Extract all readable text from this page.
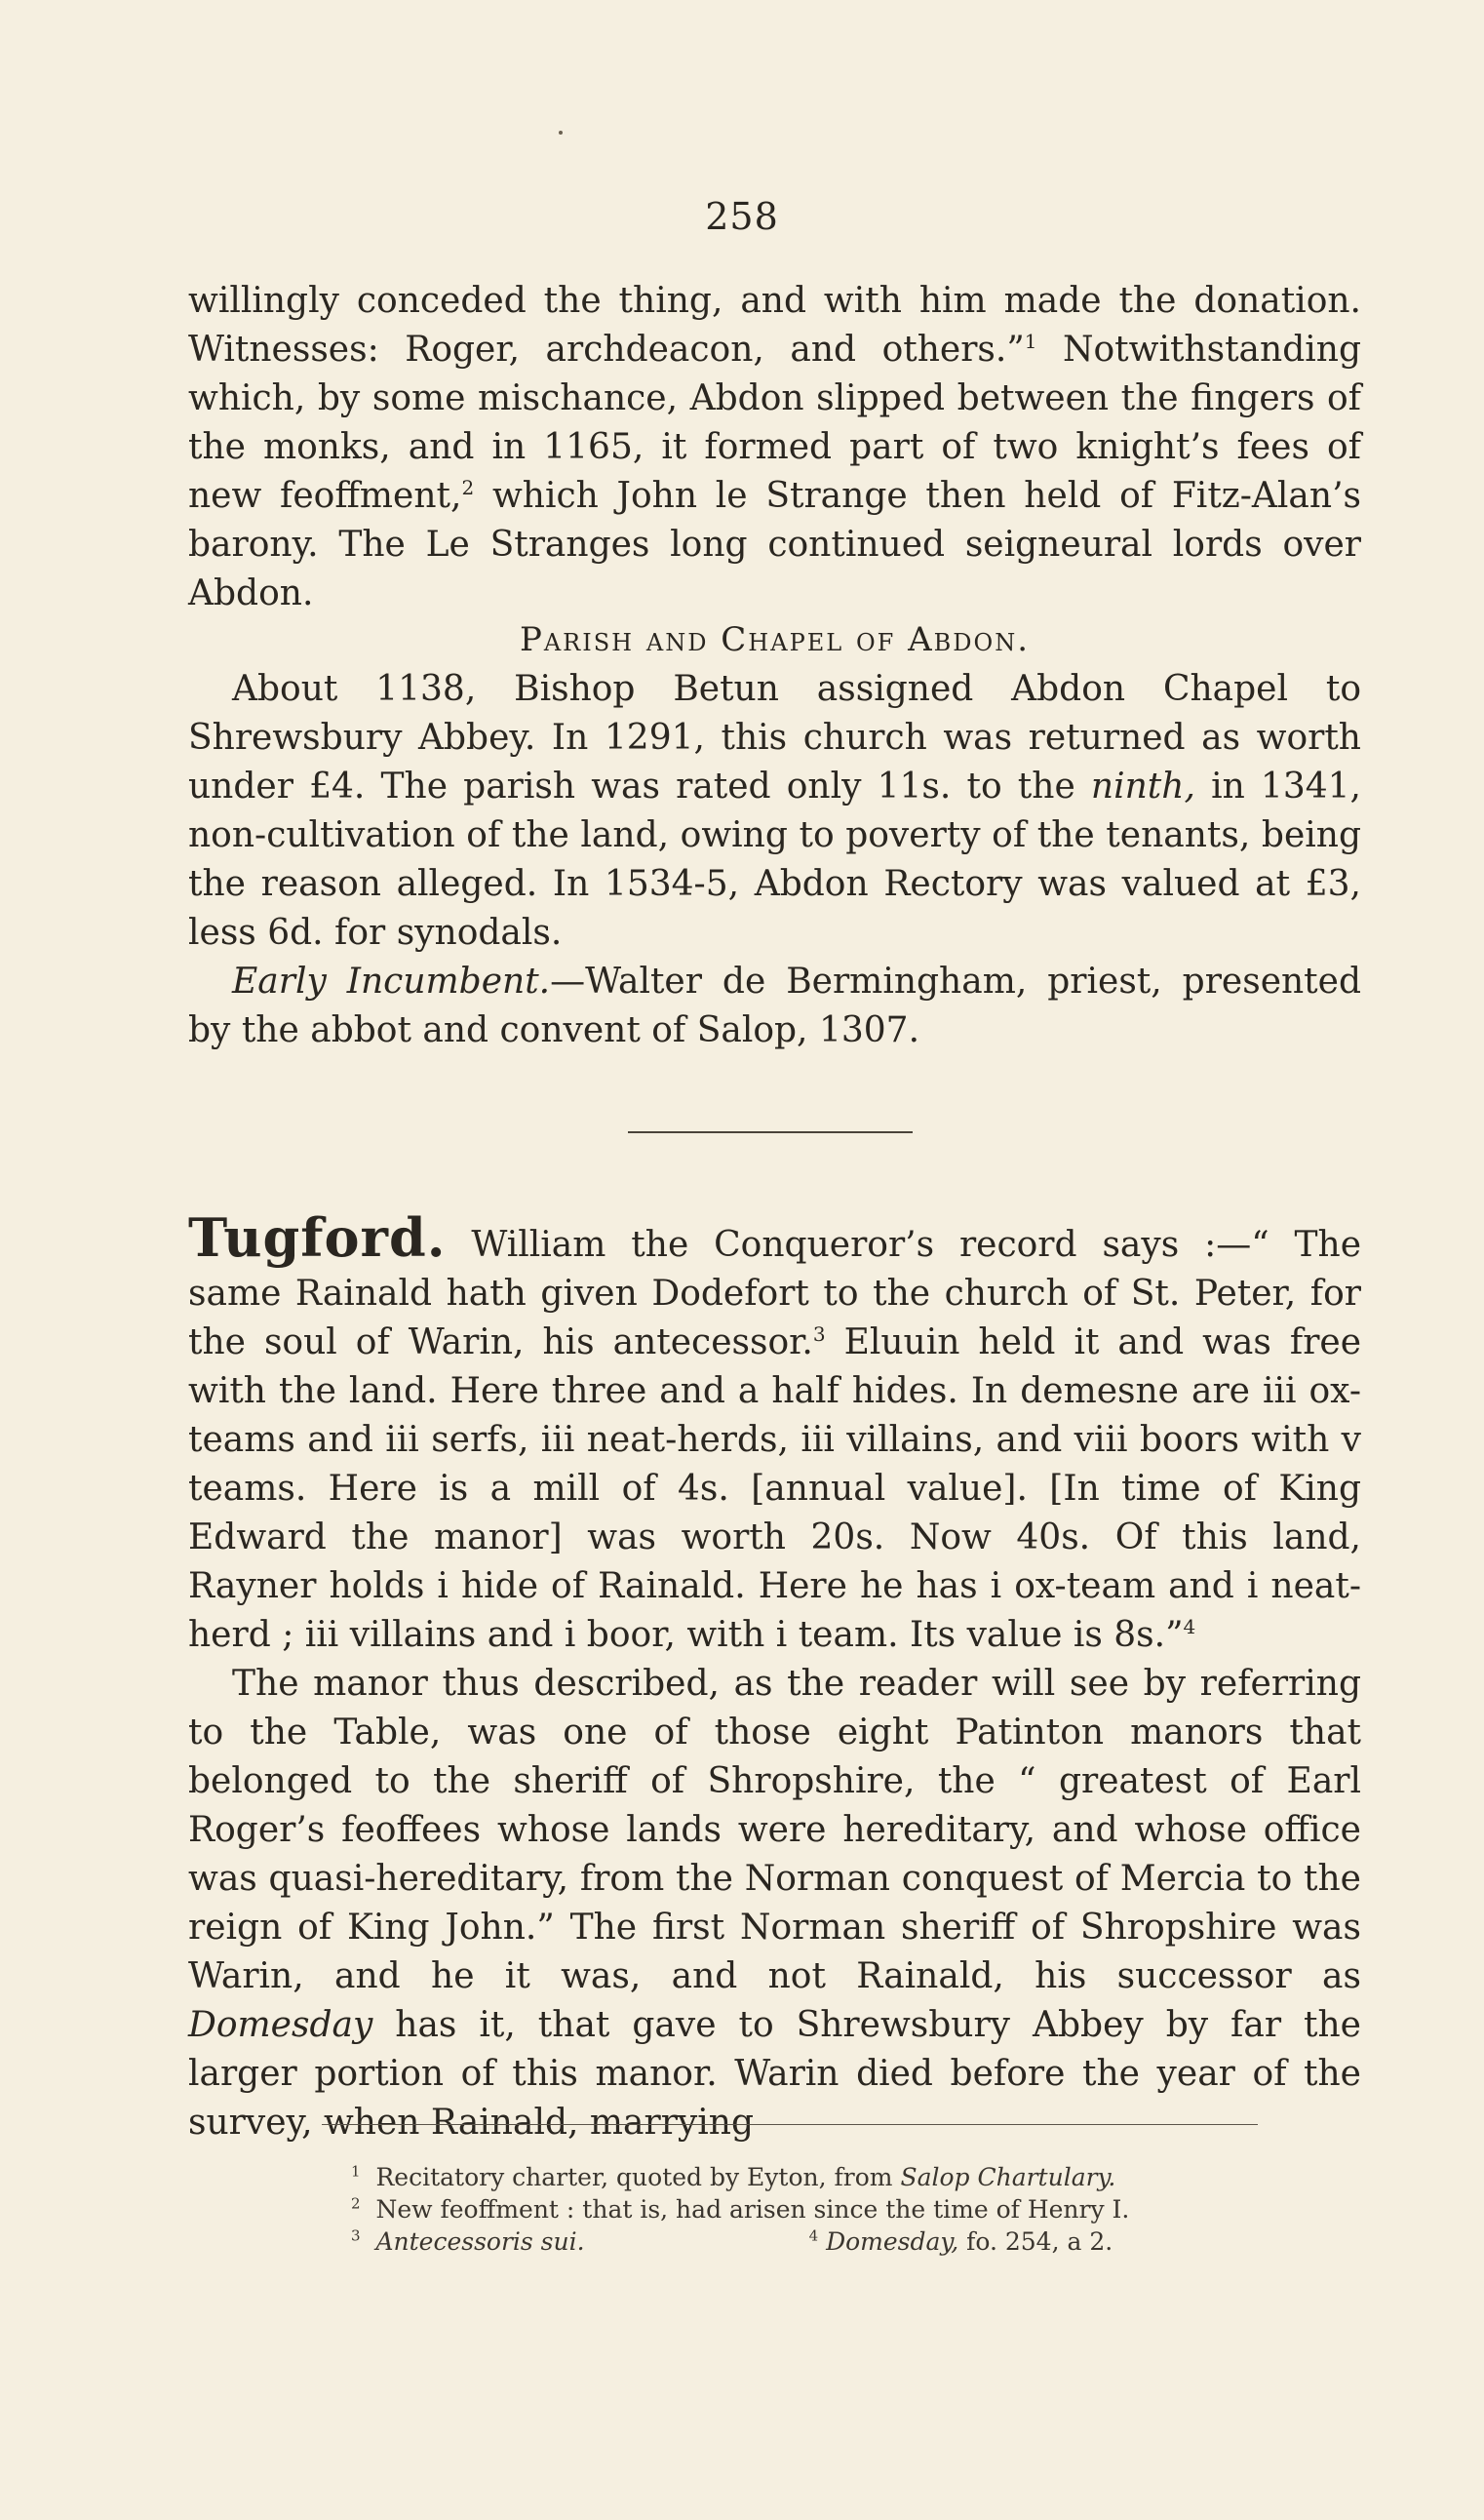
258

willingly conceded the thing, and with him made the donation. Witnesses: Roger, archdeacon, and others.”$^1$ Notwithstanding which, by some mischance, Abdon slipped between the fingers of the monks, and in 1165, it formed part of two knight’s fees of new feoffment,$^2$ which John le Strange then held of Fitz-Alan’s barony. The Le Stranges long continued seigneural lords over Abdon.

Parish and Chapel of Abdon.

About 1138, Bishop Betun assigned Abdon Chapel to Shrewsbury Abbey. In 1291, this church was returned as worth under £4. The parish was rated only 11s. to the ninth, in 1341, non-cultivation of the land, owing to poverty of the tenants, being the reason alleged. In 1534-5, Abdon Rectory was valued at £3, less 6d. for synodals.

Early Incumbent.—Walter de Bermingham, priest, presented by the abbot and convent of Salop, 1307.

Tugford. William the Conqueror’s record says :—“ The same Rainald hath given Dodefort to the church of St. Peter, for the soul of Warin, his antecessor.$^3$ Eluuin held it and was free with the land. Here three and a half hides. In demesne are iii ox-teams and iii serfs, iii neat-herds, iii villains, and viii boors with v teams. Here is a mill of 4s. [annual value]. [In time of King Edward the manor] was worth 20s. Now 40s. Of this land, Rayner holds i hide of Rainald. Here he has i ox-team and i neat-herd ; iii villains and i boor, with i team. Its value is 8s.”$^4$

The manor thus described, as the reader will see by referring to the Table, was one of those eight Patinton manors that belonged to the sheriff of Shropshire, the “ greatest of Earl Roger’s feoffees whose lands were hereditary, and whose office was quasi-hereditary, from the Norman conquest of Mercia to the reign of King John.” The first Norman sheriff of Shropshire was Warin, and he it was, and not Rainald, his successor as Domesday has it, that gave to Shrewsbury Abbey by far the larger portion of this manor. Warin died before the year of the survey, when Rainald, marrying

$^1$ Recitatory charter, quoted by Eyton, from Salop Chartulary.
$^2$ New feoffment : that is, had arisen since the time of Henry I.
$^3$ Antecessoris sui.	$^4$ Domesday, fo. 254, a 2.
